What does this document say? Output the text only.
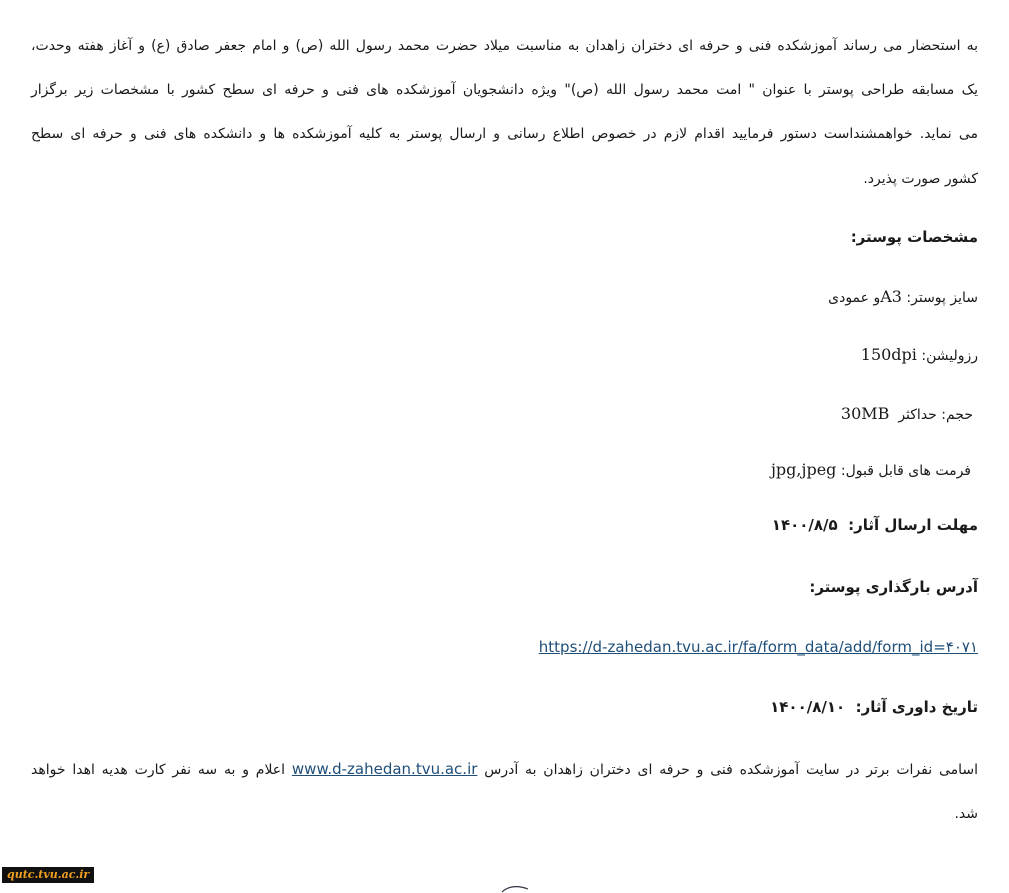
به استحضار می رساند آموزشکده فنی و حرفه ای دختران زاهدان به مناسبت میلاد حضرت محمد رسول الله (ص) و امام جعفر صادق (ع) و آغاز هفته وحدت،
یک مسابقه طراحی پوستر با عنوان " امت محمد رسول الله (ص)" ویژه دانشجویان آموزشکده های فنی و حرفه ای سطح کشور با مشخصات زیر برگزار
می نماید. خواهمشنداست دستور فرمایید اقدام لازم در خصوص اطلاع رسانی و ارسال پوستر به کلیه آموزشکده ها و دانشکده های فنی و حرفه ای سطح
کشور صورت پذیرد.
مشخصات پوستر:
سایز پوستر: A3و عمودی
رزولیشن: 150dpi
حجم: حداکثر  30MB
فرمت های قابل قبول: jpg,jpeg
مهلت ارسال آثار:  ۱۴۰۰/۸/۵
آدرس بارگذاری پوستر:
https://d-zahedan.tvu.ac.ir/fa/form_data/add/form_id=۴۰۷۱
تاریخ داوری آثار:  ۱۴۰۰/۸/۱۰
اسامی نفرات برتر در سایت آموزشکده فنی و حرفه ای دختران زاهدان به آدرس www.d-zahedan.tvu.ac.ir اعلام و به سه نفر کارت هدیه اهدا خواهد
شد.
qutc.tvu.ac.ir
